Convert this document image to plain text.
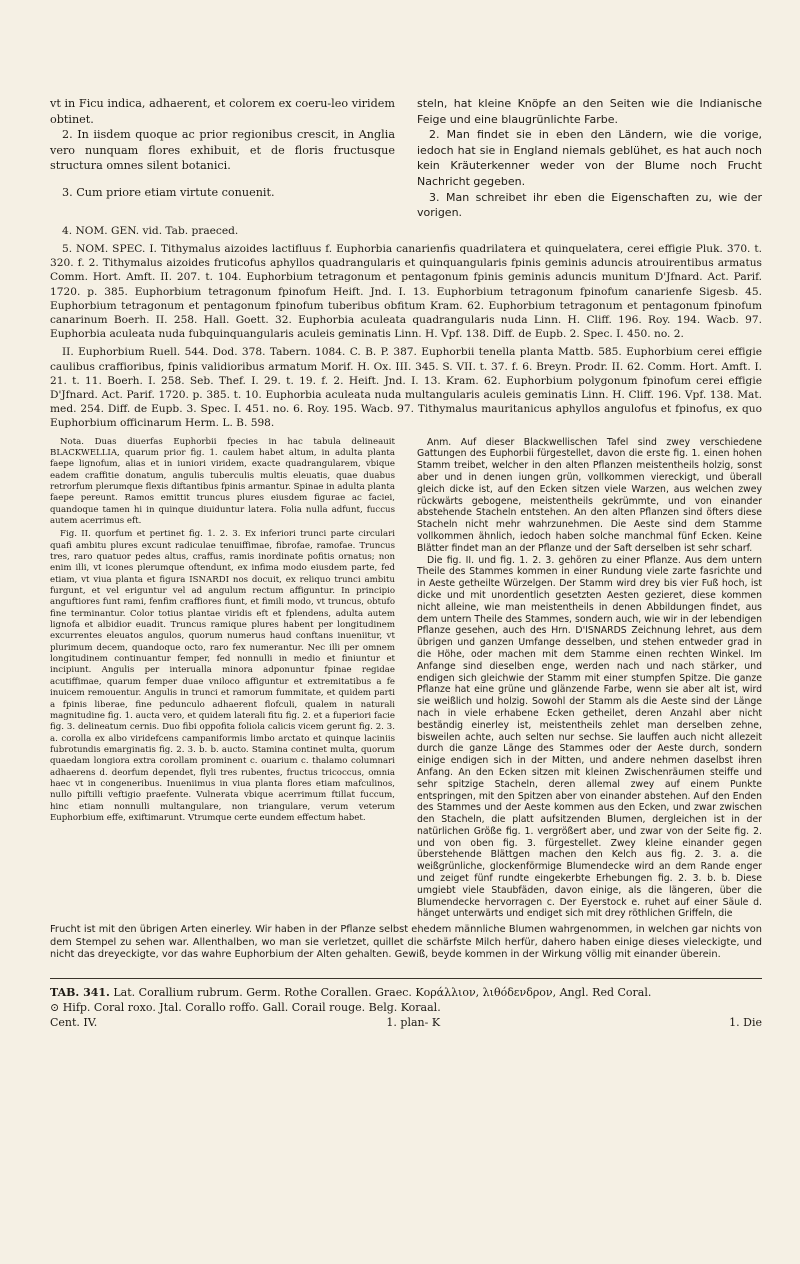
vt in Ficu indica, adhaerent, et colorem ex coeru-leo viridem obtinet.

2. In iisdem quoque ac prior regionibus crescit, in Anglia vero nunquam flores exhibuit, et de floris fructusque structura omnes silent botanici.

3. Cum priore etiam virtute conuenit.

steln, hat kleine Knöpfe an den Seiten wie die Indianische Feige und eine blaugrünlichte Farbe.

2. Man findet sie in eben den Ländern, wie die vorige, iedoch hat sie in England niemals geblühet, es hat auch noch kein Kräuterkenner weder von der Blume noch Frucht Nachricht gegeben.

3. Man schreibet ihr eben die Eigenschaften zu, wie der vorigen.

4. NOM. GEN. vid. Tab. praeced.

5. NOM. SPEC. I. Tithymalus aizoides lactifluus f. Euphorbia canarienfis quadrilatera et quinquelatera, cerei effigie Pluk. 370. t. 320. f. 2. Tithymalus aizoides fruticofus aphyllos quadrangularis et quinquangularis fpinis geminis aduncis atrouirentibus armatus Comm. Hort. Amft. II. 207. t. 104. Euphorbium tetragonum et pentagonum fpinis geminis aduncis munitum D'Jfnard. Act. Parif. 1720. p. 385. Euphorbium tetragonum fpinofum Heift. Jnd. I. 13. Euphorbium tetragonum fpinofum canarienfe Sigesb. 45. Euphorbium tetragonum et pentagonum fpinofum tuberibus obfitum Kram. 62. Euphorbium tetragonum et pentagonum fpinofum canarinum Boerh. II. 258. Hall. Goett. 32. Euphorbia aculeata quadrangularis nuda Linn. H. Cliff. 196. Roy. 194. Wacb. 97. Euphorbia aculeata nuda fubquinquangularis aculeis geminatis Linn. H. Vpf. 138. Diff. de Eupb. 2. Spec. I. 450. no. 2.

II. Euphorbium Ruell. 544. Dod. 378. Tabern. 1084. C. B. P. 387. Euphorbii tenella planta Mattb. 585. Euphorbium cerei effigie caulibus craffioribus, fpinis validioribus armatum Morif. H. Ox. III. 345. S. VII. t. 37. f. 6. Breyn. Prodr. II. 62. Comm. Hort. Amft. I. 21. t. 11. Boerh. I. 258. Seb. Thef. I. 29. t. 19. f. 2. Heift. Jnd. I. 13. Kram. 62. Euphorbium polygonum fpinofum cerei effigie D'Jfnard. Act. Parif. 1720. p. 385. t. 10. Euphorbia aculeata nuda multangularis aculeis geminatis Linn. H. Cliff. 196. Vpf. 138. Mat. med. 254. Diff. de Eupb. 3. Spec. I. 451. no. 6. Roy. 195. Wacb. 97. Tithymalus mauritanicus aphyllos angulofus et fpinofus, ex quo Euphorbium officinarum Herm. L. B. 598.

Nota. Duas diuerfas Euphorbii fpecies in hac tabula delineauit BLACKWELLIA, quarum prior fig. 1. caulem habet altum, in adulta planta faepe lignofum, alias et in iuniori viridem, exacte quadrangularem, vbique eadem craffitie donatum, angulis tuberculis multis eleuatis, quae duabus retrorfum plerumque flexis diftantibus fpinis armantur. Spinae in adulta planta faepe pereunt. Ramos emittit truncus plures eiusdem figurae ac faciei, quandoque tamen hi in quinque diuiduntur latera. Folia nulla adfunt, fuccus autem acerrimus eft.

Fig. II. quorfum et pertinet fig. 1. 2. 3. Ex inferiori trunci parte circulari quafi ambitu plures excunt radiculae tenuiffimae, fibrofae, ramofae. Truncus tres, raro quatuor pedes altus, craffus, ramis inordinate pofitis ornatus; non enim illi, vt icones plerumque oftendunt, ex infima modo eiusdem parte, fed etiam, vt viua planta et figura ISNARDI nos docuit, ex reliquo trunci ambitu furgunt, et vel eriguntur vel ad angulum rectum affiguntur. In principio anguftiores funt rami, fenfim craffiores fiunt, et fimili modo, vt truncus, obtufo fine terminantur. Color totius plantae viridis eft et fplendens, adulta autem lignofa et albidior euadit. Truncus ramique plures habent per longitudinem excurrentes eleuatos angulos, quorum numerus haud conftans inueniitur, vt plurimum decem, quandoque octo, raro fex numerantur. Nec illi per omnem longitudinem continuantur femper, fed nonnulli in medio et finiuntur et incipiunt. Angulis per interualla minora adponuntur fpinae regidae acutiffimae, quarum femper duae vniloco affiguntur et extremitatibus a fe inuicem remouentur. Angulis in trunci et ramorum fummitate, et quidem parti a fpinis liberae, fine pedunculo adhaerent flofculi, qualem in naturali magnitudine fig. 1. aucta vero, et quidem laterali fitu fig. 2. et a fuperiori facie fig. 3. delineatum cernis. Duo fibi oppofita foliola calicis vicem gerunt fig. 2. 3. a. corolla ex albo viridefcens campaniformis limbo arctato et quinque laciniis fubrotundis emarginatis fig. 2. 3. b. b. aucto. Stamina continet multa, quorum quaedam longiora extra corollam prominent c. ouarium c. thalamo columnari adhaerens d. deorfum dependet, flyli tres rubentes, fructus tricoccus, omnia haec vt in congeneribus. Inueniimus in viua planta flores etiam mafculinos, nullo piftilli veftigio praefente. Vulnerata vbique acerrimum ftillat fuccum, hinc etiam nonnulli multangulare, non triangulare, verum veterum Euphorbium effe, exiftimarunt. Vtrumque certe eundem effectum habet.

Anm. Auf dieser Blackwellischen Tafel sind zwey verschiedene Gattungen des Euphorbii fürgestellet, davon die erste fig. 1. einen hohen Stamm treibet, welcher in den alten Pflanzen meistentheils holzig, sonst aber und in denen iungen grün, vollkommen viereckigt, und überall gleich dicke ist, auf den Ecken sitzen viele Warzen, aus welchen zwey rückwärts gebogene, meistentheils gekrümmte, und von einander abstehende Stacheln entstehen. An den alten Pflanzen sind öfters diese Stacheln nicht mehr wahrzunehmen. Die Aeste sind dem Stamme vollkommen ähnlich, iedoch haben solche manchmal fünf Ecken. Keine Blätter findet man an der Pflanze und der Saft derselben ist sehr scharf.

Die fig. II. und fig. 1. 2. 3. gehören zu einer Pflanze. Aus dem untern Theile des Stammes kommen in einer Rundung viele zarte fasrichte und in Aeste getheilte Würzelgen. Der Stamm wird drey bis vier Fuß hoch, ist dicke und mit unordentlich gesetzten Aesten gezieret, diese kommen nicht alleine, wie man meistentheils in denen Abbildungen findet, aus dem untern Theile des Stammes, sondern auch, wie wir in der lebendigen Pflanze gesehen, auch des Hrn. D'ISNARDS Zeichnung lehret, aus dem übrigen und ganzen Umfange desselben, und stehen entweder grad in die Höhe, oder machen mit dem Stamme einen rechten Winkel. Im Anfange sind dieselben enge, werden nach und nach stärker, und endigen sich gleichwie der Stamm mit einer stumpfen Spitze. Die ganze Pflanze hat eine grüne und glänzende Farbe, wenn sie aber alt ist, wird sie weißlich und holzig. Sowohl der Stamm als die Aeste sind der Länge nach in viele erhabene Ecken getheilet, deren Anzahl aber nicht beständig einerley ist, meistentheils zehlet man derselben zehne, bisweilen achte, auch selten nur sechse. Sie lauffen auch nicht allezeit durch die ganze Länge des Stammes oder der Aeste durch, sondern einige endigen sich in der Mitten, und andere nehmen daselbst ihren Anfang. An den Ecken sitzen mit kleinen Zwischenräumen steiffe und sehr spitzige Stacheln, deren allemal zwey auf einem Punkte entspringen, mit den Spitzen aber von einander abstehen. Auf den Enden des Stammes und der Aeste kommen aus den Ecken, und zwar zwischen den Stacheln, die platt aufsitzenden Blumen, dergleichen ist in der natürlichen Größe fig. 1. vergrößert aber, und zwar von der Seite fig. 2. und von oben fig. 3. fürgestellet. Zwey kleine einander gegen überstehende Blättgen machen den Kelch aus fig. 2. 3. a. die weißgrünliche, glockenförmige Blumendecke wird an dem Rande enger und zeiget fünf rundte eingekerbte Erhebungen fig. 2. 3. b. b. Diese umgiebt viele Staubfäden, davon einige, als die längeren, über die Blumendecke hervorragen c. Der Eyerstock e. ruhet auf einer Säule d. hänget unterwärts und endiget sich mit drey röthlichen Griffeln, die

Frucht ist mit den übrigen Arten einerley. Wir haben in der Pflanze selbst ehedem männliche Blumen wahrgenommen, in welchen gar nichts von dem Stempel zu sehen war. Allenthalben, wo man sie verletzet, quillet die schärfste Milch herfür, dahero haben einige dieses vieleckigte, und nicht das dreyeckigte, vor das wahre Euphorbium der Alten gehalten. Gewiß, beyde kommen in der Wirkung völlig mit einander überein.

TAB. 341. Lat. Corallium rubrum. Germ. Rothe Corallen. Graec. Κοράλλιον, λιθόδενδρον, Angl. Red Coral.
⊙ Hifp. Coral roxo. Jtal. Corallo roffo. Gall. Corail rouge. Belg. Koraal.
Cent. IV.	1. plan- K	1. Die
